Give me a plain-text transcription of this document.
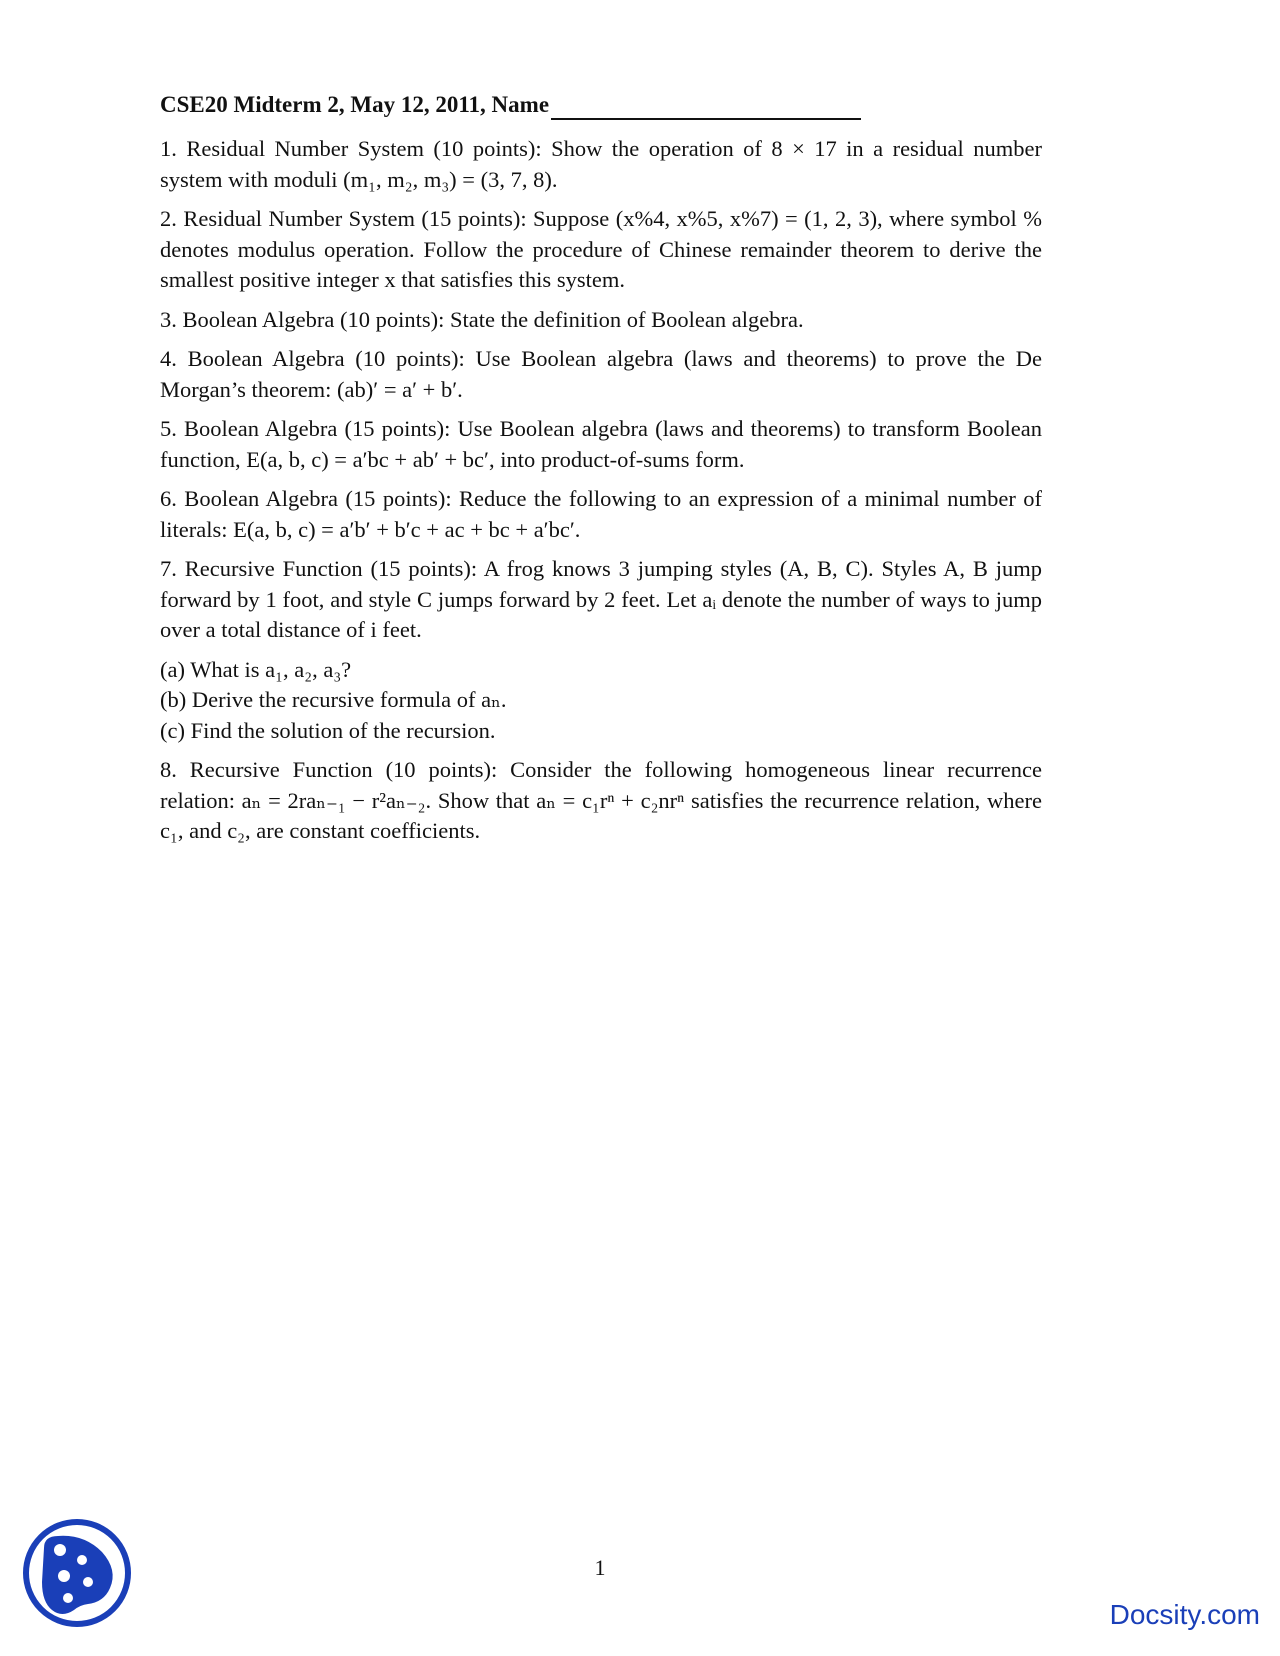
CSE20 Midterm 2, May 12, 2011, Name
1. Residual Number System (10 points): Show the operation of 8 × 17 in a residual number system with moduli (m₁, m₂, m₃) = (3, 7, 8).
2. Residual Number System (15 points): Suppose (x%4, x%5, x%7) = (1, 2, 3), where symbol % denotes modulus operation. Follow the procedure of Chinese remainder theorem to derive the smallest positive integer x that satisfies this system.
3. Boolean Algebra (10 points): State the definition of Boolean algebra.
4. Boolean Algebra (10 points): Use Boolean algebra (laws and theorems) to prove the De Morgan’s theorem: (ab)′ = a′ + b′.
5. Boolean Algebra (15 points): Use Boolean algebra (laws and theorems) to transform Boolean function, E(a, b, c) = a′bc + ab′ + bc′, into product-of-sums form.
6. Boolean Algebra (15 points): Reduce the following to an expression of a minimal number of literals: E(a, b, c) = a′b′ + b′c + ac + bc + a′bc′.
7. Recursive Function (15 points): A frog knows 3 jumping styles (A, B, C). Styles A, B jump forward by 1 foot, and style C jumps forward by 2 feet. Let aᵢ denote the number of ways to jump over a total distance of i feet.
(a) What is a₁, a₂, a₃?
(b) Derive the recursive formula of aₙ.
(c) Find the solution of the recursion.
8. Recursive Function (10 points): Consider the following homogeneous linear recurrence relation: aₙ = 2raₙ₋₁ − r²aₙ₋₂. Show that aₙ = c₁rⁿ + c₂nrⁿ satisfies the recurrence relation, where c₁, and c₂, are constant coefficients.
1
Docsity.com
